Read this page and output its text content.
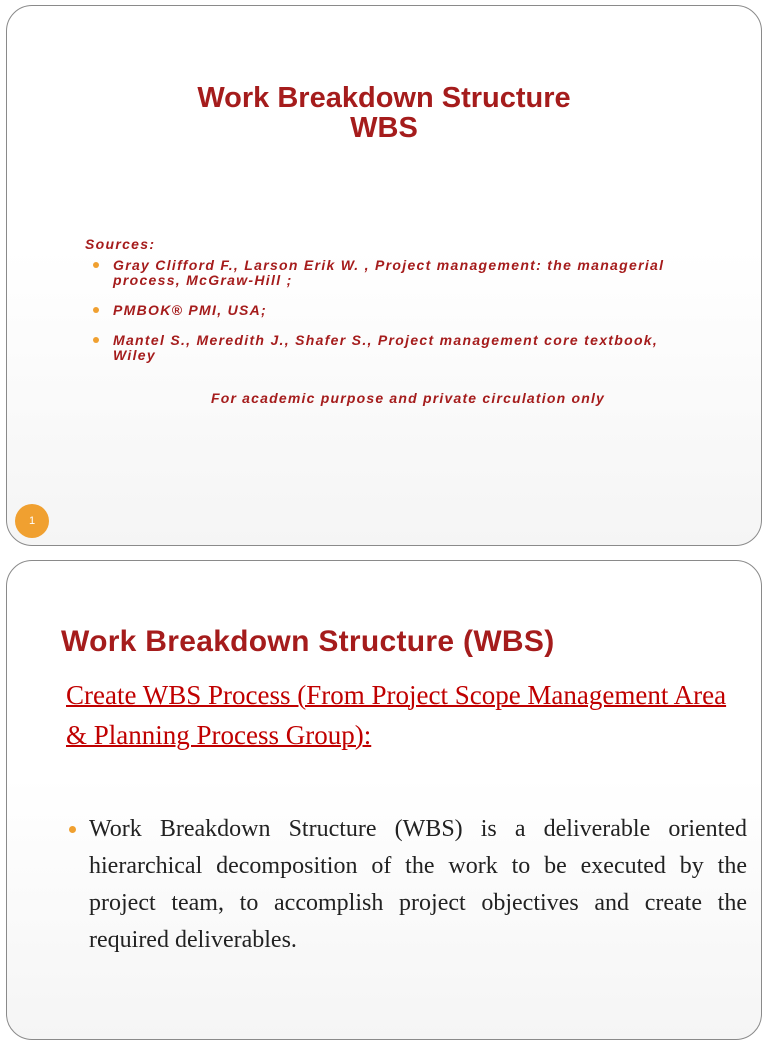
Work Breakdown Structure
WBS
Sources:
Gray Clifford F., Larson Erik W. , Project management: the managerial process, McGraw-Hill ;
PMBOK® PMI, USA;
Mantel S., Meredith J., Shafer S., Project management core textbook, Wiley
For academic purpose and private circulation only
1
Work Breakdown Structure (WBS)

Create WBS Process (From Project Scope Management Area & Planning Process Group):

Work Breakdown Structure (WBS) is a deliverable oriented hierarchical decomposition of the work to be executed by the project team, to accomplish project objectives and create the required deliverables.
